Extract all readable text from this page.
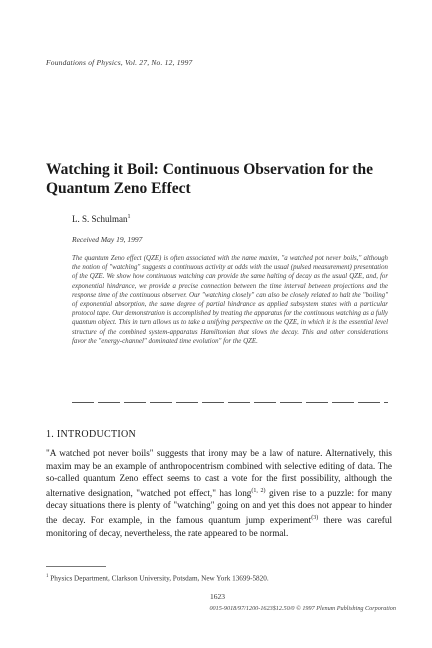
Foundations of Physics, Vol. 27, No. 12, 1997
Watching it Boil: Continuous Observation for the Quantum Zeno Effect
L. S. Schulman$^1$
Received May 19, 1997
The quantum Zeno effect (QZE) is often associated with the name maxim, "a watched pot never boils," although the notion of "watching" suggests a continuous activity at odds with the usual (pulsed measurement) presentation of the QZE. We show how continuous watching can provide the same halting of decay as the usual QZE, and, for exponential hindrance, we provide a precise connection between the time interval between projections and the response time of the continuous observer. Our "watching closely" can also be closely related to halt the "boiling" of exponential absorption, the same degree of partial hindrance as applied subsystem states with a particular protocol tape. Our demonstration is accomplished by treating the apparatus for the continuous watching as a fully quantum object. This in turn allows us to take a unifying perspective on the QZE, in which it is the essential level structure of the combined system-apparatus Hamiltonian that slows the decay. This and other considerations favor the "energy-channel" dominated time evolution" for the QZE.
1. INTRODUCTION

"A watched pot never boils" suggests that irony may be a law of nature. Alternatively, this maxim may be an example of anthropocentrism combined with selective editing of data. The so-called quantum Zeno effect seems to cast a vote for the first possibility, although the alternative designation, "watched pot effect," has long$^{(1, 2)}$ given rise to a puzzle: for many decay situations there is plenty of "watching" going on and yet this does not appear to hinder the decay. For example, in the famous quantum jump experiment$^{(3)}$ there was careful monitoring of decay, nevertheless, the rate appeared to be normal.

$^1$ Physics Department, Clarkson University, Potsdam, New York 13699-5820.
1623
0015-9018/97/1200-1623$12.50/0 © 1997 Plenum Publishing Corporation
